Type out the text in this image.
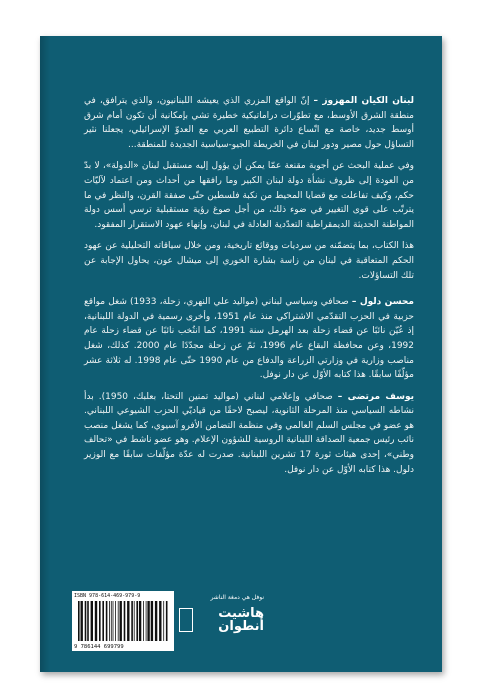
لبنان الكيان المهزوز – إنّ الواقع المزري الذي يعيشه اللبنانيون، والذي يترافق، في منطقة الشرق الأوسط، مع تطوّرات دراماتيكية خطيرة تشي بإمكانية أن تكون أمام شرق أوسط جديد، خاصة مع اتّساع دائرة التطبيع العربي مع العدوّ الإسرائيلي، يجعلنا نثير التساؤل حول مصير ودور لبنان في الخريطة الجيو-سياسية الجديدة للمنطقة...

وفي عملية البحث عن أجوبة مقنعة عمّا يمكن أن يؤول إليه مستقبل لبنان «الدولة»، لا بدّ من العودة إلى ظروف نشأة دولة لبنان الكبير وما رافقها من أحداث ومن اعتماد لآليّات حكم، وكيف تفاعلت مع قضايا المحيط من نكبة فلسطين حتّى صفقة القرن، والنظر في ما يترتّب على قوى التغيير في ضوء ذلك، من أجل صوغ رؤية مستقبلية ترسي أسس دولة المواطنة الحديثة الديمقراطية التعدّدية العادلة في لبنان، وإنهاء عهود الاستقرار المفقود.

هذا الكتاب، بما يتضمّنه من سرديات ووقائع تاريخية، ومن خلال سياقاته التحليلية عن عهود الحكم المتعاقبة في لبنان من زاسة بشارة الخوري إلى ميشال عون، يحاول الإجابة عن تلك التساؤلات.

محسن دلول – صحافي وسياسي لبناني (مواليد علي النهري، زحلة، 1933) شغل مواقع حزبية في الحزب التقدّمي الاشتراكي منذ عام 1951، وأخرى رسمية في الدولة اللبنانية، إذ عُيّن نائبًا عن قضاء زحلة بعد الهرمل سنة 1991، كما انتُخب نائبًا عن قضاء زحلة عام 1992، وعن محافظة البقاع عام 1996، ثمّ عن زحلة مجدّدًا عام 2000. كذلك، شغل مناصب وزارية في وزارتي الزراعة والدفاع من عام 1990 حتّى عام 1998. له ثلاثة عشر مؤلّفًا سابقًا. هذا كتابه الأوّل عن دار نوفل.

يوسف مرتضى – صحافي وإعلامي لبناني (مواليد تمنين التحتا، بعلبك، 1950). بدأ نشاطه السياسي منذ المرحلة الثانوية، ليصبح لاحقًا من قياديّي الحزب الشيوعي اللبناني. هو عضو في مجلس السلم العالمي وفي منظمة التضامن الأفرو آسيوي، كما يشغل منصب نائب رئيس جمعية الصداقة اللبنانية الروسية للشؤون الإعلام. وهو عضو ناشط في «تحالف وطني»، إحدى هيئات ثورة 17 تشرين اللبنانية. صدرت له عدّة مؤلّفات سابقًا مع الوزير دلول. هذا كتابه الأوّل عن دار نوفل.

ISBN 978-614-469-979-9
9 786144 699799
نوفل هي دمغة الناشر
هاشيت
أنطوان
